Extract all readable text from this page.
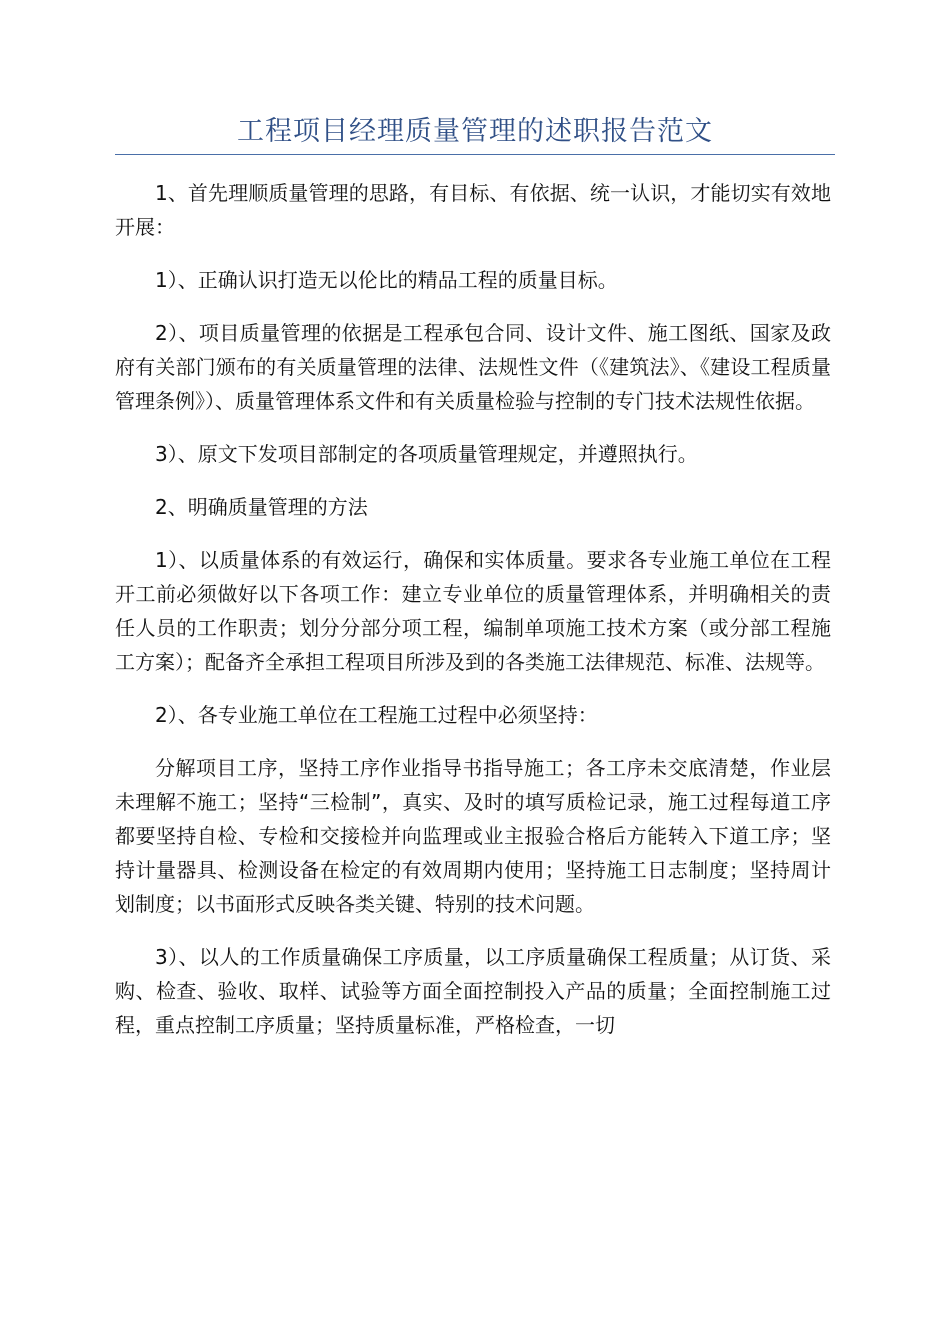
工程项目经理质量管理的述职报告范文

1、首先理顺质量管理的思路，有目标、有依据、统一认识，才能切实有效地开展：

1）、正确认识打造无以伦比的精品工程的质量目标。

2）、项目质量管理的依据是工程承包合同、设计文件、施工图纸、国家及政府有关部门颁布的有关质量管理的法律、法规性文件（《建筑法》、《建设工程质量管理条例》）、质量管理体系文件和有关质量检验与控制的专门技术法规性依据。

3）、原文下发项目部制定的各项质量管理规定，并遵照执行。

2、明确质量管理的方法

1）、以质量体系的有效运行，确保和实体质量。要求各专业施工单位在工程开工前必须做好以下各项工作：建立专业单位的质量管理体系，并明确相关的责任人员的工作职责；划分分部分项工程，编制单项施工技术方案（或分部工程施工方案）；配备齐全承担工程项目所涉及到的各类施工法律规范、标准、法规等。

2）、各专业施工单位在工程施工过程中必须坚持：

分解项目工序，坚持工序作业指导书指导施工；各工序未交底清楚，作业层未理解不施工；坚持“三检制”，真实、及时的填写质检记录，施工过程每道工序都要坚持自检、专检和交接检并向监理或业主报验合格后方能转入下道工序；坚持计量器具、检测设备在检定的有效周期内使用；坚持施工日志制度；坚持周计划制度；以书面形式反映各类关键、特别的技术问题。

3）、以人的工作质量确保工序质量，以工序质量确保工程质量；从订货、采购、检查、验收、取样、试验等方面全面控制投入产品的质量；全面控制施工过程，重点控制工序质量；坚持质量标准，严格检查，一切
